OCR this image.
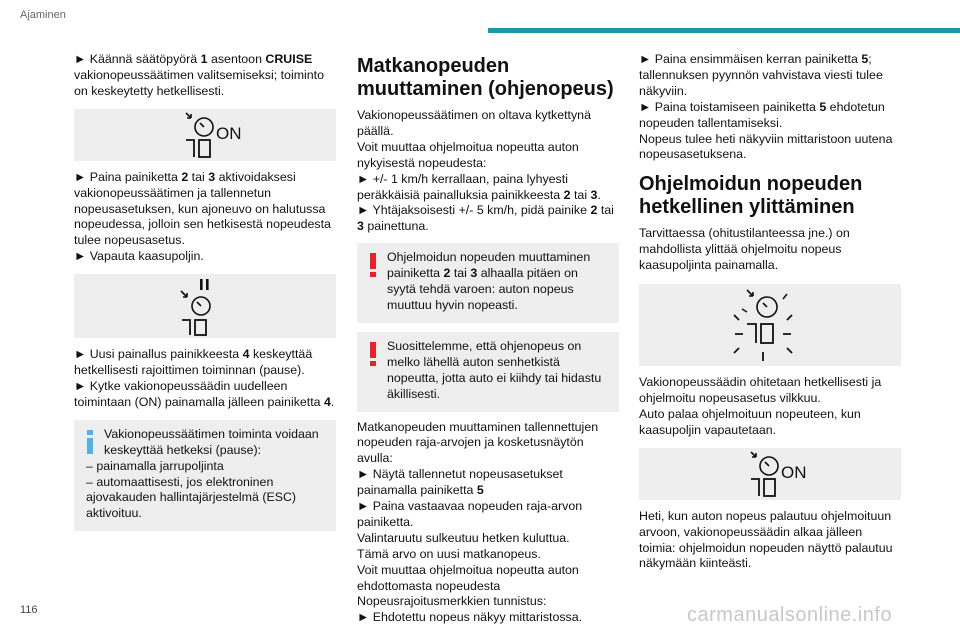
Ajaminen

► Käännä säätöpyörä 1 asentoon CRUISE vakionopeussäätimen valitsemiseksi; toiminto on keskeytetty hetkellisesti.

ON

► Paina painiketta 2 tai 3 aktivoidaksesi vakionopeussäätimen ja tallennetun nopeusasetuksen, kun ajoneuvo on halutussa nopeudessa, jolloin sen hetkisestä nopeudesta tulee nopeusasetus.

► Vapauta kaasupoljin.

► Uusi painallus painikkeesta 4 keskeyttää hetkellisesti rajoittimen toiminnan (pause).

► Kytke vakionopeussäädin uudelleen toimintaan (ON) painamalla jälleen painiketta 4.

Vakionopeussäätimen toiminta voidaan keskeyttää hetkeksi (pause):

– painamalla jarrupoljinta

– automaattisesti, jos elektroninen ajovakauden hallintajärjestelmä (ESC) aktivoituu.

Matkanopeuden muuttaminen (ohjenopeus)

Vakionopeussäätimen on oltava kytkettynä päällä.

Voit muuttaa ohjelmoitua nopeutta auton nykyisestä nopeudesta:

► +/- 1 km/h kerrallaan, paina lyhyesti peräkkäisiä painalluksia painikkeesta 2 tai 3.

► Yhtäjaksoisesti +/- 5 km/h, pidä painike 2 tai 3 painettuna.

Ohjelmoidun nopeuden muuttaminen painiketta 2 tai 3 alhaalla pitäen on syytä tehdä varoen: auton nopeus muuttuu hyvin nopeasti.

Suosittelemme, että ohjenopeus on melko lähellä auton senhetkistä nopeutta, jotta auto ei kiihdy tai hidastu äkillisesti.

Matkanopeuden muuttaminen tallennettujen nopeuden raja-arvojen ja kosketusnäytön avulla:

► Näytä tallennetut nopeusasetukset painamalla painiketta 5

► Paina vastaavaa nopeuden raja-arvon painiketta.

Valintaruutu sulkeutuu hetken kuluttua.

Tämä arvo on uusi matkanopeus.

Voit muuttaa ohjelmoitua nopeutta auton ehdottomasta nopeudesta Nopeusrajoitusmerkkien tunnistus:

► Ehdotettu nopeus näkyy mittaristossa.

► Paina ensimmäisen kerran painiketta 5; tallennuksen pyynnön vahvistava viesti tulee näkyviin.

► Paina toistamiseen painiketta 5 ehdotetun nopeuden tallentamiseksi.

Nopeus tulee heti näkyviin mittaristoon uutena nopeusasetuksena.

Ohjelmoidun nopeuden hetkellinen ylittäminen

Tarvittaessa (ohitustilanteessa jne.) on mahdollista ylittää ohjelmoitu nopeus kaasupoljinta painamalla.

Vakionopeussäädin ohitetaan hetkellisesti ja ohjelmoitu nopeusasetus vilkkuu.

Auto palaa ohjelmoituun nopeuteen, kun kaasupoljin vapautetaan.

ON

Heti, kun auton nopeus palautuu ohjelmoituun arvoon, vakionopeussäädin alkaa jälleen toimia: ohjelmoidun nopeuden näyttö palautuu näkymään kiinteästi.

116	carmanualsonline.info
